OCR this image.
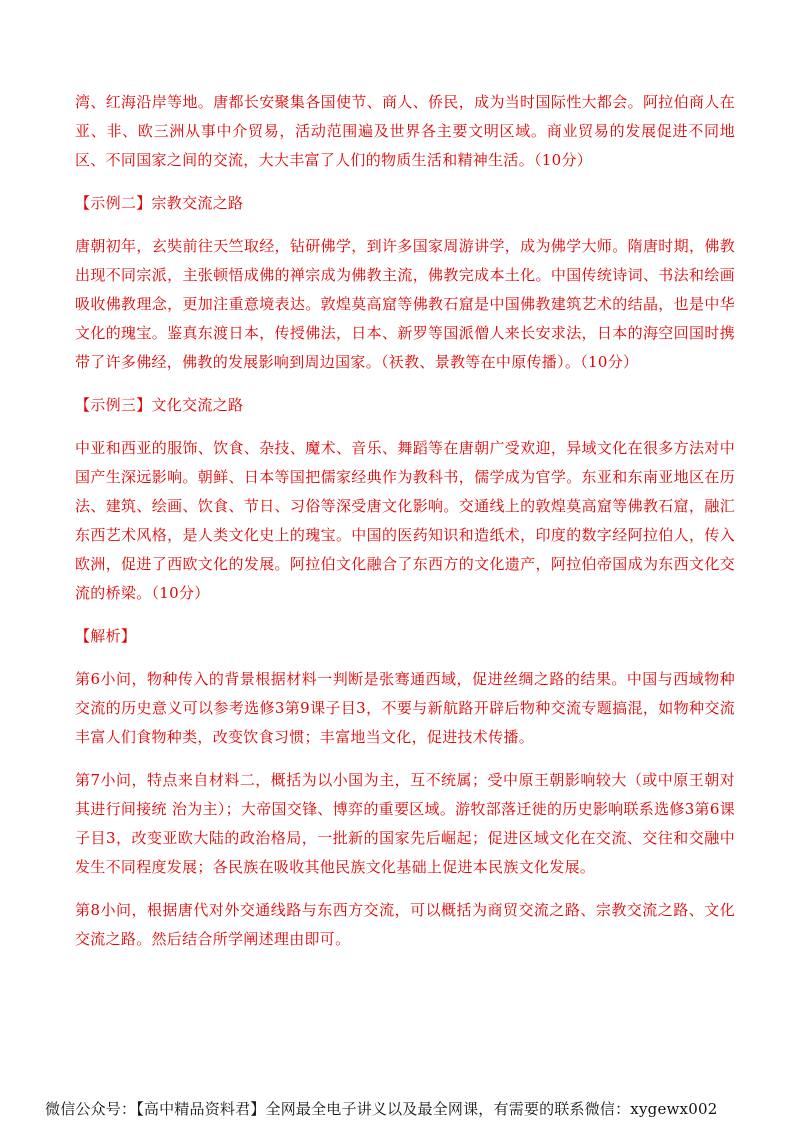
湾、红海沿岸等地。唐都长安聚集各国使节、商人、侨民，成为当时国际性大都会。阿拉伯商人在亚、非、欧三洲从事中介贸易，活动范围遍及世界各主要文明区域。商业贸易的发展促进不同地区、不同国家之间的交流，大大丰富了人们的物质生活和精神生活。（10分）

【示例二】宗教交流之路

唐朝初年，玄奘前往天竺取经，钻研佛学，到许多国家周游讲学，成为佛学大师。隋唐时期，佛教出现不同宗派，主张顿悟成佛的禅宗成为佛教主流，佛教完成本土化。中国传统诗词、书法和绘画吸收佛教理念，更加注重意境表达。敦煌莫高窟等佛教石窟是中国佛教建筑艺术的结晶，也是中华文化的瑰宝。鉴真东渡日本，传授佛法，日本、新罗等国派僧人来长安求法，日本的海空回国时携带了许多佛经，佛教的发展影响到周边国家。（祆教、景教等在中原传播）。（10分）

【示例三】文化交流之路

中亚和西亚的服饰、饮食、杂技、魔术、音乐、舞蹈等在唐朝广受欢迎，异域文化在很多方法对中国产生深远影响。朝鲜、日本等国把儒家经典作为教科书，儒学成为官学。东亚和东南亚地区在历法、建筑、绘画、饮食、节日、习俗等深受唐文化影响。交通线上的敦煌莫高窟等佛教石窟，融汇东西艺术风格，是人类文化史上的瑰宝。中国的医药知识和造纸术，印度的数字经阿拉伯人，传入欧洲，促进了西欧文化的发展。阿拉伯文化融合了东西方的文化遗产，阿拉伯帝国成为东西文化交流的桥梁。（10分）

【解析】

第6小问，物种传入的背景根据材料一判断是张骞通西域，促进丝绸之路的结果。中国与西域物种交流的历史意义可以参考选修3第9课子目3，不要与新航路开辟后物种交流专题搞混，如物种交流丰富人们食物种类，改变饮食习惯；丰富地当文化，促进技术传播。

第7小问，特点来自材料二，概括为以小国为主，互不统属；受中原王朝影响较大（或中原王朝对其进行间接统 治为主）；大帝国交锋、博弈的重要区域。游牧部落迁徙的历史影响联系选修3第6课子目3，改变亚欧大陆的政治格局，一批新的国家先后崛起；促进区域文化在交流、交往和交融中发生不同程度发展；各民族在吸收其他民族文化基础上促进本民族文化发展。

第8小问，根据唐代对外交通线路与东西方交流，可以概括为商贸交流之路、宗教交流之路、文化交流之路。然后结合所学阐述理由即可。

微信公众号：【高中精品资料君】全网最全电子讲义以及最全网课，有需要的联系微信：xygewx002
